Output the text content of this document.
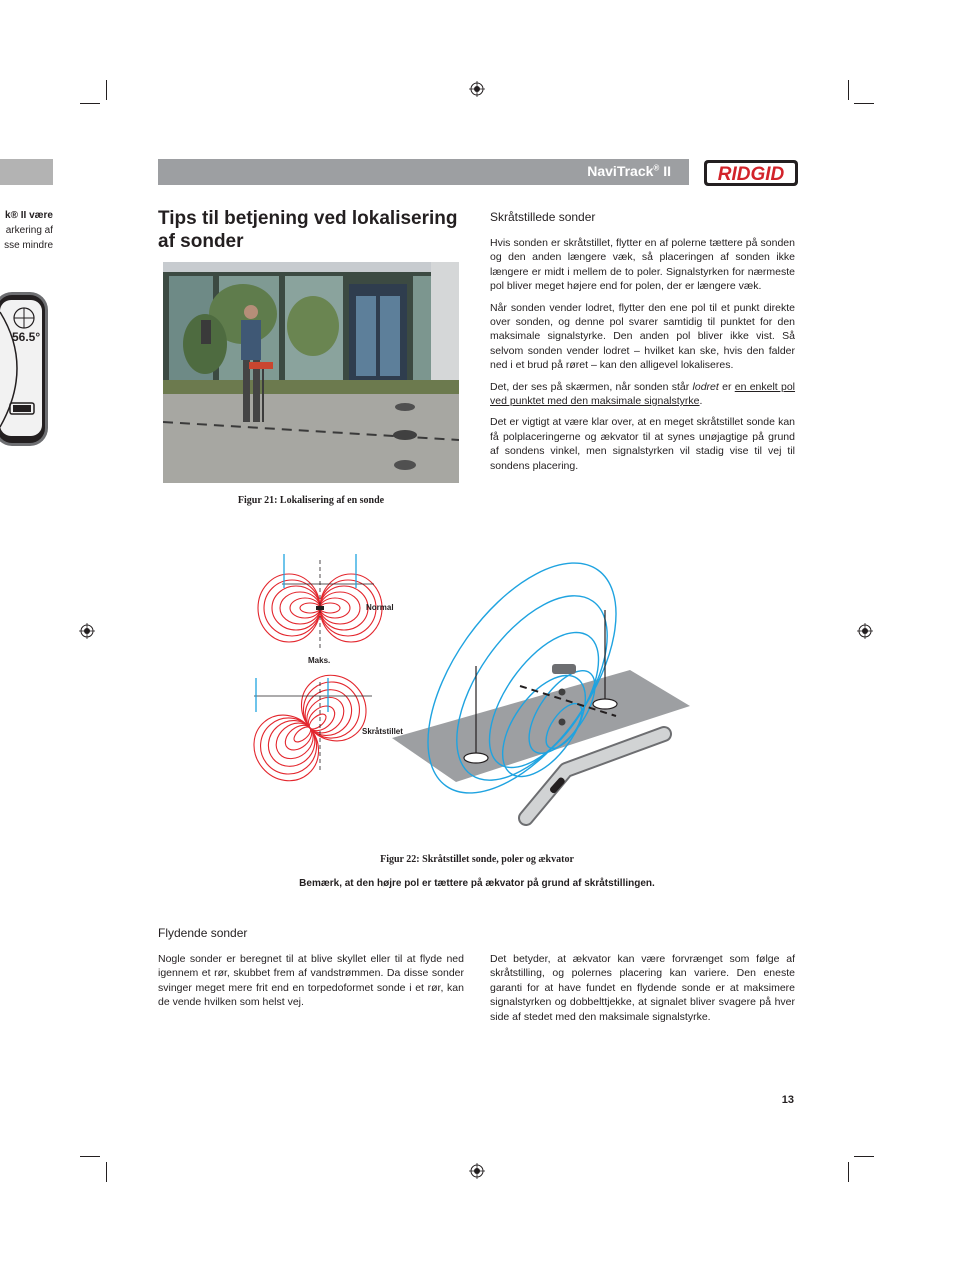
NaviTrack® II RIDGID
k® II være
arkering af
sse mindre
56.5°
Tips til betjening ved lokalisering af sonder
Figur 21: Lokalisering af en sonde
Skråtstillede sonder

Hvis sonden er skråtstillet, flytter en af polerne tættere på sonden og den anden længere væk, så placeringen af sonden ikke længere er midt i mellem de to poler. Signalstyrken for nærmeste pol bliver meget højere end for polen, der er længere væk.

Når sonden vender lodret, flytter den ene pol til et punkt direkte over sonden, og denne pol svarer samtidig til punktet for den maksimale signalstyrke. Den anden pol bliver ikke vist. Så selvom sonden vender lodret – hvilket kan ske, hvis den falder ned i et brud på røret – kan den alligevel lokaliseres.

Det, der ses på skærmen, når sonden står lodret er en enkelt pol ved punktet med den maksimale signalstyrke.

Det er vigtigt at være klar over, at en meget skråtstillet sonde kan få polplaceringerne og ækvator til at synes unøjagtige på grund af sondens vinkel, men signalstyrken vil stadig vise til vej til sondens placering.

Normal
Maks.
Skråtstillet
Figur 22: Skråtstillet sonde, poler og ækvator
Bemærk, at den højre pol er tættere på ækvator på grund af skråtstillingen.
Flydende sonder

Nogle sonder er beregnet til at blive skyllet eller til at flyde ned igennem et rør, skubbet frem af vandstrømmen. Da disse sonder svinger meget mere frit end en torpedoformet sonde i et rør, kan de vende hvilken som helst vej.

Det betyder, at ækvator kan være forvrænget som følge af skråtstilling, og polernes placering kan variere. Den eneste garanti for at have fundet en flydende sonde er at maksimere signalstyrken og dobbelttjekke, at signalet bliver svagere på hver side af stedet med den maksimale signalstyrke.

13
